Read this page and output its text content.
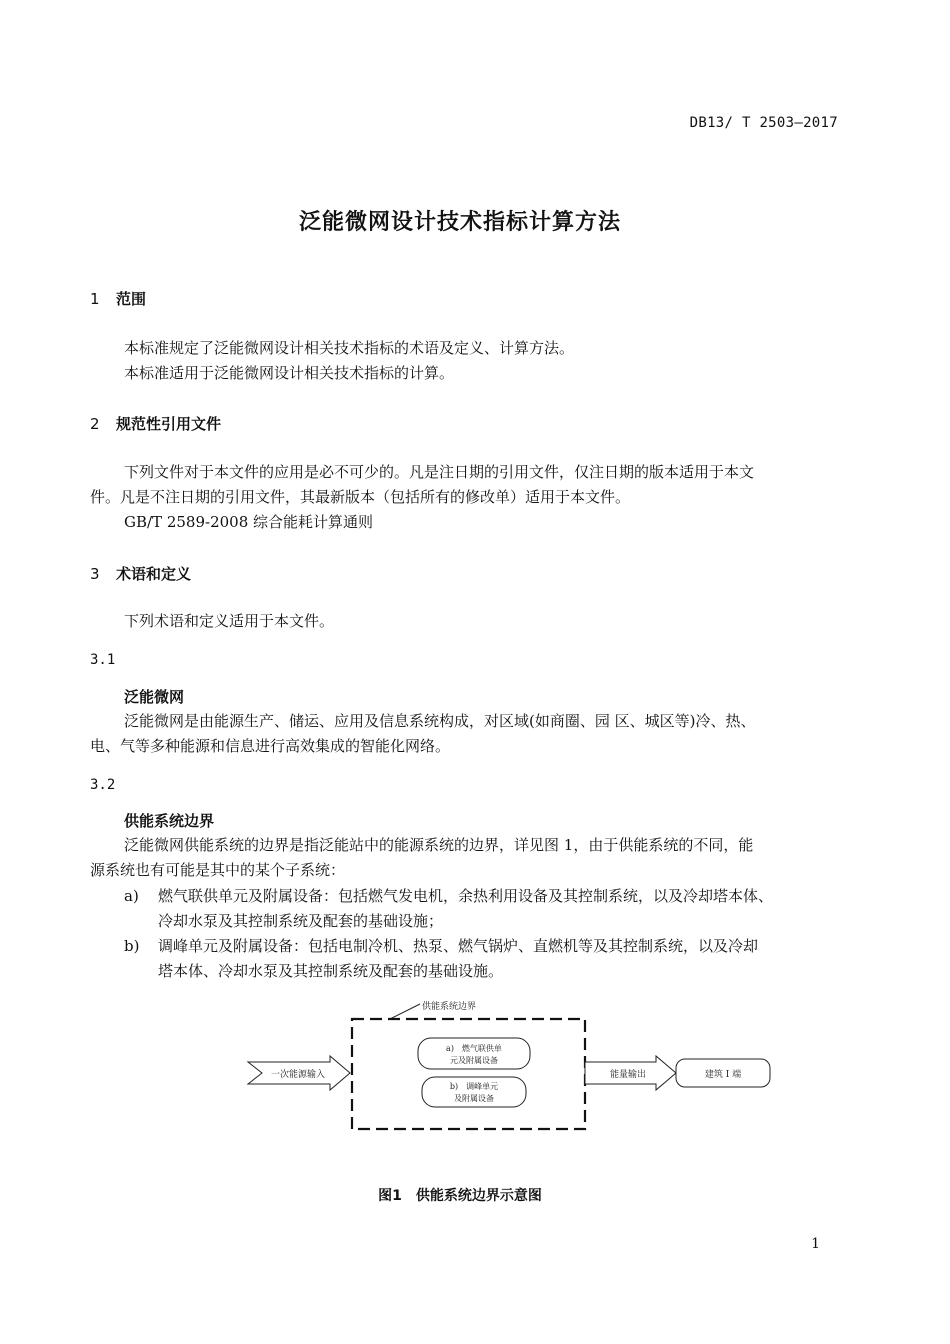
DB13/ T 2503—2017
泛能微网设计技术指标计算方法
1 范围
本标准规定了泛能微网设计相关技术指标的术语及定义、计算方法。
本标准适用于泛能微网设计相关技术指标的计算。
2 规范性引用文件
下列文件对于本文件的应用是必不可少的。凡是注日期的引用文件，仅注日期的版本适用于本文
件。凡是不注日期的引用文件，其最新版本（包括所有的修改单）适用于本文件。
GB/T 2589-2008 综合能耗计算通则
3 术语和定义
下列术语和定义适用于本文件。
3.1
泛能微网
泛能微网是由能源生产、储运、应用及信息系统构成，对区域(如商圈、园 区、城区等)冷、热、
电、气等多种能源和信息进行高效集成的智能化网络。
3.2
供能系统边界
泛能微网供能系统的边界是指泛能站中的能源系统的边界，详见图 1，由于供能系统的不同，能
源系统也有可能是其中的某个子系统：
a) 燃气联供单元及附属设备：包括燃气发电机，余热利用设备及其控制系统，以及冷却塔本体、
冷却水泵及其控制系统及配套的基础设施；
b) 调峰单元及附属设备：包括电制冷机、热泵、燃气锅炉、直燃机等及其控制系统，以及冷却
塔本体、冷却水泵及其控制系统及配套的基础设施。
供能系统边界
一次能源输入
a)　燃气联供单
元及附属设备
b)　调峰单元
及附属设备
能量输出	建筑 I 端
图1　供能系统边界示意图
1
